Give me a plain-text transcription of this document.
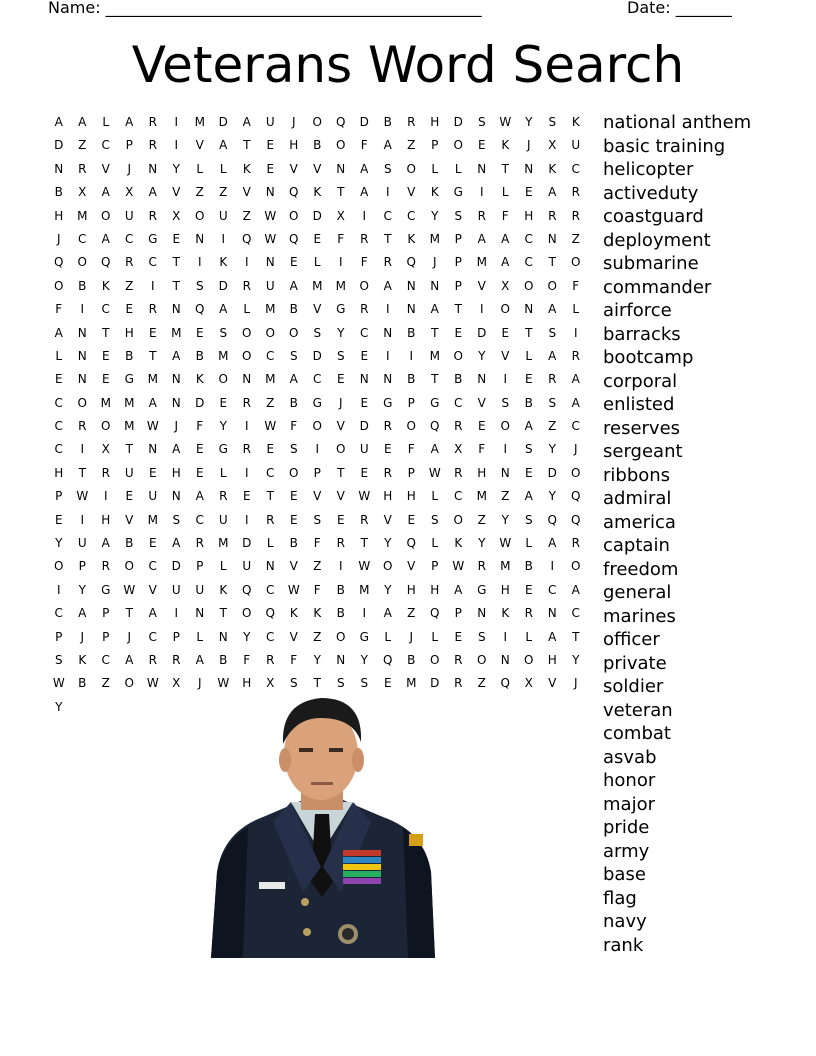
Name: _______________________________________________	Date: _______
Veterans Word Search
A	A	L	A	R	I	M	D	A	U	J	O	Q	D	B	R	H	D	S	W	Y	S	K
D	Z	C	P	R	I	V	A	T	E	H	B	O	F	A	Z	P	O	E	K	J	X	U
N	R	V	J	N	Y	L	L	K	E	V	V	N	A	S	O	L	L	N	T	N	K	C
B	X	A	X	A	V	Z	Z	V	N	Q	K	T	A	I	V	K	G	I	L	E	A	R
H	M	O	U	R	X	O	U	Z	W	O	D	X	I	C	C	Y	S	R	F	H	R	R
J	C	A	C	G	E	N	I	Q	W	Q	E	F	R	T	K	M	P	A	A	C	N	Z
Q	O	Q	R	C	T	I	K	I	N	E	L	I	F	R	Q	J	P	M	A	C	T	O
O	B	K	Z	I	T	S	D	R	U	A	M	M	O	A	N	N	P	V	X	O	O	F
F	I	C	E	R	N	Q	A	L	M	B	V	G	R	I	N	A	T	I	O	N	A	L
A	N	T	H	E	M	E	S	O	O	O	S	Y	C	N	B	T	E	D	E	T	S	I
L	N	E	B	T	A	B	M	O	C	S	D	S	E	I	I	M	O	Y	V	L	A	R
E	N	E	G	M	N	K	O	N	M	A	C	E	N	N	B	T	B	N	I	E	R	A
C	O	M	M	A	N	D	E	R	Z	B	G	J	E	G	P	G	C	V	S	B	S	A
C	R	O	M	W	J	F	Y	I	W	F	O	V	D	R	O	Q	R	E	O	A	Z	C
C	I	X	T	N	A	E	G	R	E	S	I	O	U	E	F	A	X	F	I	S	Y	J
H	T	R	U	E	H	E	L	I	C	O	P	T	E	R	P	W	R	H	N	E	D	O
P	W	I	E	U	N	A	R	E	T	E	V	V	W	H	H	L	C	M	Z	A	Y	Q
E	I	H	V	M	S	C	U	I	R	E	S	E	R	V	E	S	O	Z	Y	S	Q	Q
Y	U	A	B	E	A	R	M	D	L	B	F	R	T	Y	Q	L	K	Y	W	L	A	R
O	P	R	O	C	D	P	L	U	N	V	Z	I	W	O	V	P	W	R	M	B	I	O
I	Y	G	W	V	U	U	K	Q	C	W	F	B	M	Y	H	H	A	G	H	E	C	A
C	A	P	T	A	I	N	T	O	Q	K	K	B	I	A	Z	Q	P	N	K	R	N	C
P	J	P	J	C	P	L	N	Y	C	V	Z	O	G	L	J	L	E	S	I	L	A	T
S	K	C	A	R	R	A	B	F	R	F	Y	N	Y	Q	B	O	R	O	N	O	H	Y
W	B	Z	O	W	X	J	W	H	X	S	T	S	S	E	M	D	R	Z	Q	X	V	J
Y
national anthem
basic training
helicopter
activeduty
coastguard
deployment
submarine
commander
airforce
barracks
bootcamp
corporal
enlisted
reserves
sergeant
ribbons
admiral
america
captain
freedom
general
marines
officer
private
soldier
veteran
combat
asvab
honor
major
pride
army
base
flag
navy
rank
